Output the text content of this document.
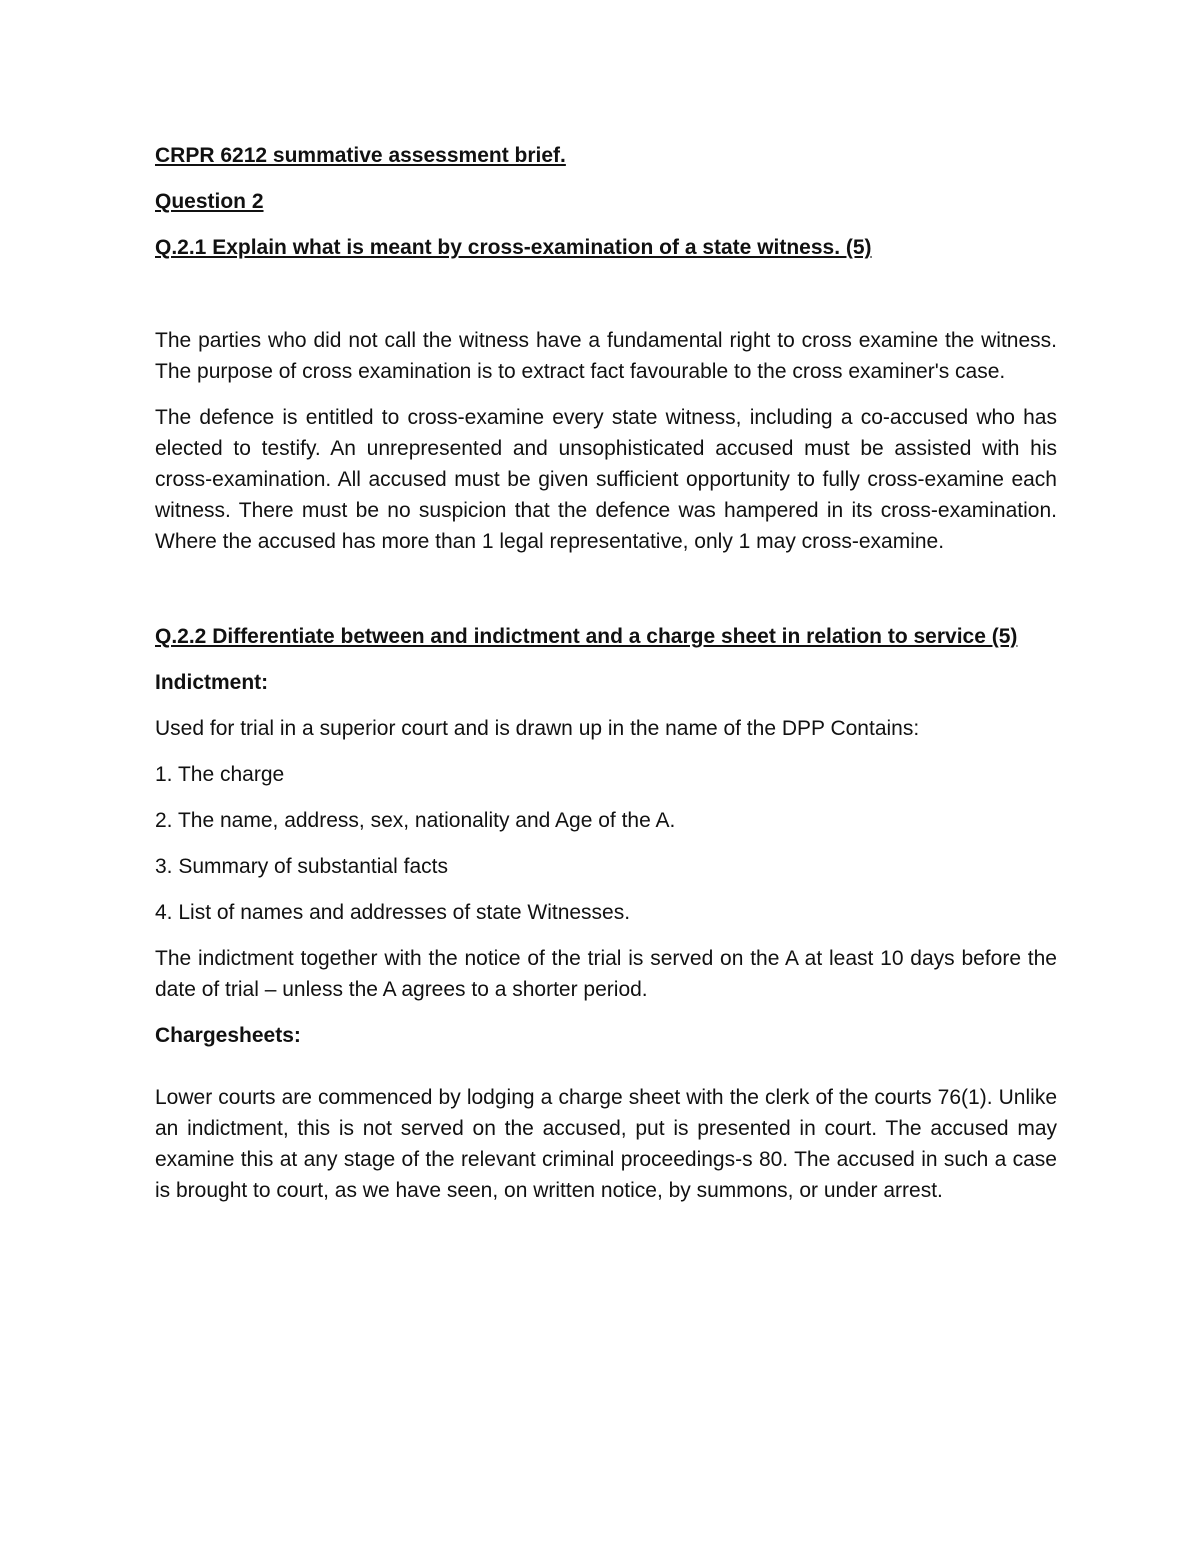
CRPR 6212 summative assessment brief.

Question 2

Q.2.1 Explain what is meant by cross-examination of a state witness. (5)

The parties who did not call the witness have a fundamental right to cross examine the witness. The purpose of cross examination is to extract fact favourable to the cross examiner's case.

The defence is entitled to cross-examine every state witness, including a co-accused who has elected to testify. An unrepresented and unsophisticated accused must be assisted with his cross-examination. All accused must be given sufficient opportunity to fully cross-examine each witness. There must be no suspicion that the defence was hampered in its cross-examination. Where the accused has more than 1 legal representative, only 1 may cross-examine.

Q.2.2 Differentiate between and indictment and a charge sheet in relation to service (5)

Indictment:

Used for trial in a superior court and is drawn up in the name of the DPP Contains:

1. The charge

2. The name, address, sex, nationality and Age of the A.

3. Summary of substantial facts

4. List of names and addresses of state Witnesses.

The indictment together with the notice of the trial is served on the A at least 10 days before the date of trial – unless the A agrees to a shorter period.

Chargesheets:

Lower courts are commenced by lodging a charge sheet with the clerk of the courts 76(1). Unlike an indictment, this is not served on the accused, put is presented in court. The accused may examine this at any stage of the relevant criminal proceedings-s 80. The accused in such a case is brought to court, as we have seen, on written notice, by summons, or under arrest.
